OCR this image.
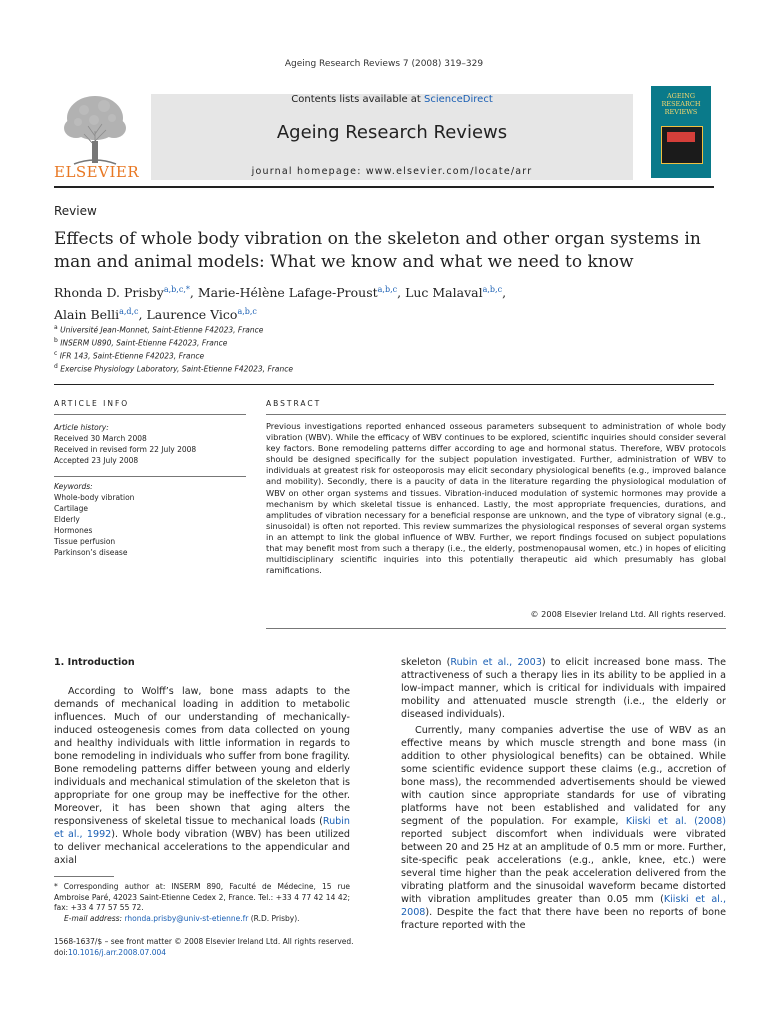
Ageing Research Reviews 7 (2008) 319–329
ELSEVIER
Contents lists available at ScienceDirect
Ageing Research Reviews
journal homepage: www.elsevier.com/locate/arr
AGEING RESEARCH REVIEWS
Review
Effects of whole body vibration on the skeleton and other organ systems in man and animal models: What we know and what we need to know
Rhonda D. Prisby$^{a,b,c,*}$, Marie-Hélène Lafage-Proust$^{a,b,c}$, Luc Malaval$^{a,b,c}$,
Alain Belli$^{a,d,c}$, Laurence Vico$^{a,b,c}$
$^a$ Université Jean-Monnet, Saint-Etienne F42023, France
$^b$ INSERM U890, Saint-Etienne F42023, France
$^c$ IFR 143, Saint-Etienne F42023, France
$^d$ Exercise Physiology Laboratory, Saint-Etienne F42023, France
ARTICLE INFO
Article history:
Received 30 March 2008
Received in revised form 22 July 2008
Accepted 23 July 2008
Keywords:
Whole-body vibration
Cartilage
Elderly
Hormones
Tissue perfusion
Parkinson’s disease
ABSTRACT
Previous investigations reported enhanced osseous parameters subsequent to administration of whole body vibration (WBV). While the efficacy of WBV continues to be explored, scientific inquiries should consider several key factors. Bone remodeling patterns differ according to age and hormonal status. Therefore, WBV protocols should be designed specifically for the subject population investigated. Further, administration of WBV to individuals at greatest risk for osteoporosis may elicit secondary physiological benefits (e.g., improved balance and mobility). Secondly, there is a paucity of data in the literature regarding the physiological modulation of WBV on other organ systems and tissues. Vibration-induced modulation of systemic hormones may provide a mechanism by which skeletal tissue is enhanced. Lastly, the most appropriate frequencies, durations, and amplitudes of vibration necessary for a beneficial response are unknown, and the type of vibratory signal (e.g., sinusoidal) is often not reported. This review summarizes the physiological responses of several organ systems in an attempt to link the global influence of WBV. Further, we report findings focused on subject populations that may benefit most from such a therapy (i.e., the elderly, postmenopausal women, etc.) in hopes of eliciting multidisciplinary scientific inquiries into this potentially therapeutic aid which presumably has global ramifications.
© 2008 Elsevier Ireland Ltd. All rights reserved.
1. Introduction
According to Wolff’s law, bone mass adapts to the demands of mechanical loading in addition to metabolic influences. Much of our understanding of mechanically-induced osteogenesis comes from data collected on young and healthy individuals with little information in regards to bone remodeling in individuals who suffer from bone fragility. Bone remodeling patterns differ between young and elderly individuals and mechanical stimulation of the skeleton that is appropriate for one group may be ineffective for the other. Moreover, it has been shown that aging alters the responsiveness of skeletal tissue to mechanical loads (Rubin et al., 1992). Whole body vibration (WBV) has been utilized to deliver mechanical accelerations to the appendicular and axial
* Corresponding author at: INSERM 890, Faculté de Médecine, 15 rue Ambroise Paré, 42023 Saint-Etienne Cedex 2, France. Tel.: +33 4 77 42 14 42; fax: +33 4 77 57 55 72.
E-mail address: rhonda.prisby@univ-st-etienne.fr (R.D. Prisby).
1568-1637/$ – see front matter © 2008 Elsevier Ireland Ltd. All rights reserved.
doi:10.1016/j.arr.2008.07.004
skeleton (Rubin et al., 2003) to elicit increased bone mass. The attractiveness of such a therapy lies in its ability to be applied in a low-impact manner, which is critical for individuals with impaired mobility and attenuated muscle strength (i.e., the elderly or diseased individuals).
Currently, many companies advertise the use of WBV as an effective means by which muscle strength and bone mass (in addition to other physiological benefits) can be obtained. While some scientific evidence support these claims (e.g., accretion of bone mass), the recommended advertisements should be viewed with caution since appropriate standards for use of vibrating platforms have not been established and validated for any segment of the population. For example, Kiiski et al. (2008) reported subject discomfort when individuals were vibrated between 20 and 25 Hz at an amplitude of 0.5 mm or more. Further, site-specific peak accelerations (e.g., ankle, knee, etc.) were several time higher than the peak acceleration delivered from the vibrating platform and the sinusoidal waveform became distorted with vibration amplitudes greater than 0.05 mm (Kiiski et al., 2008). Despite the fact that there have been no reports of bone fracture reported with the
